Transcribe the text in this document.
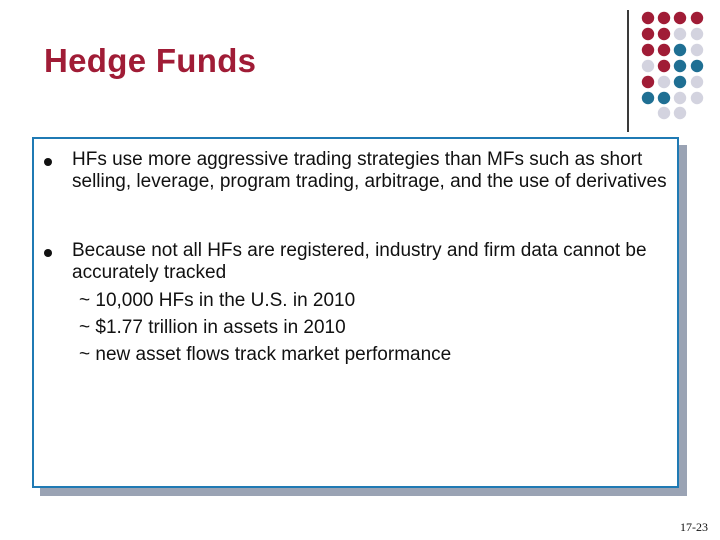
Hedge Funds
HFs use more aggressive trading strategies than MFs such as short selling, leverage, program trading, arbitrage, and the use of derivatives
Because not all HFs are registered, industry and firm data cannot be accurately tracked
~ 10,000 HFs in the U.S. in 2010
~ $1.77 trillion in assets in 2010
~ new asset flows track market performance
17-23
